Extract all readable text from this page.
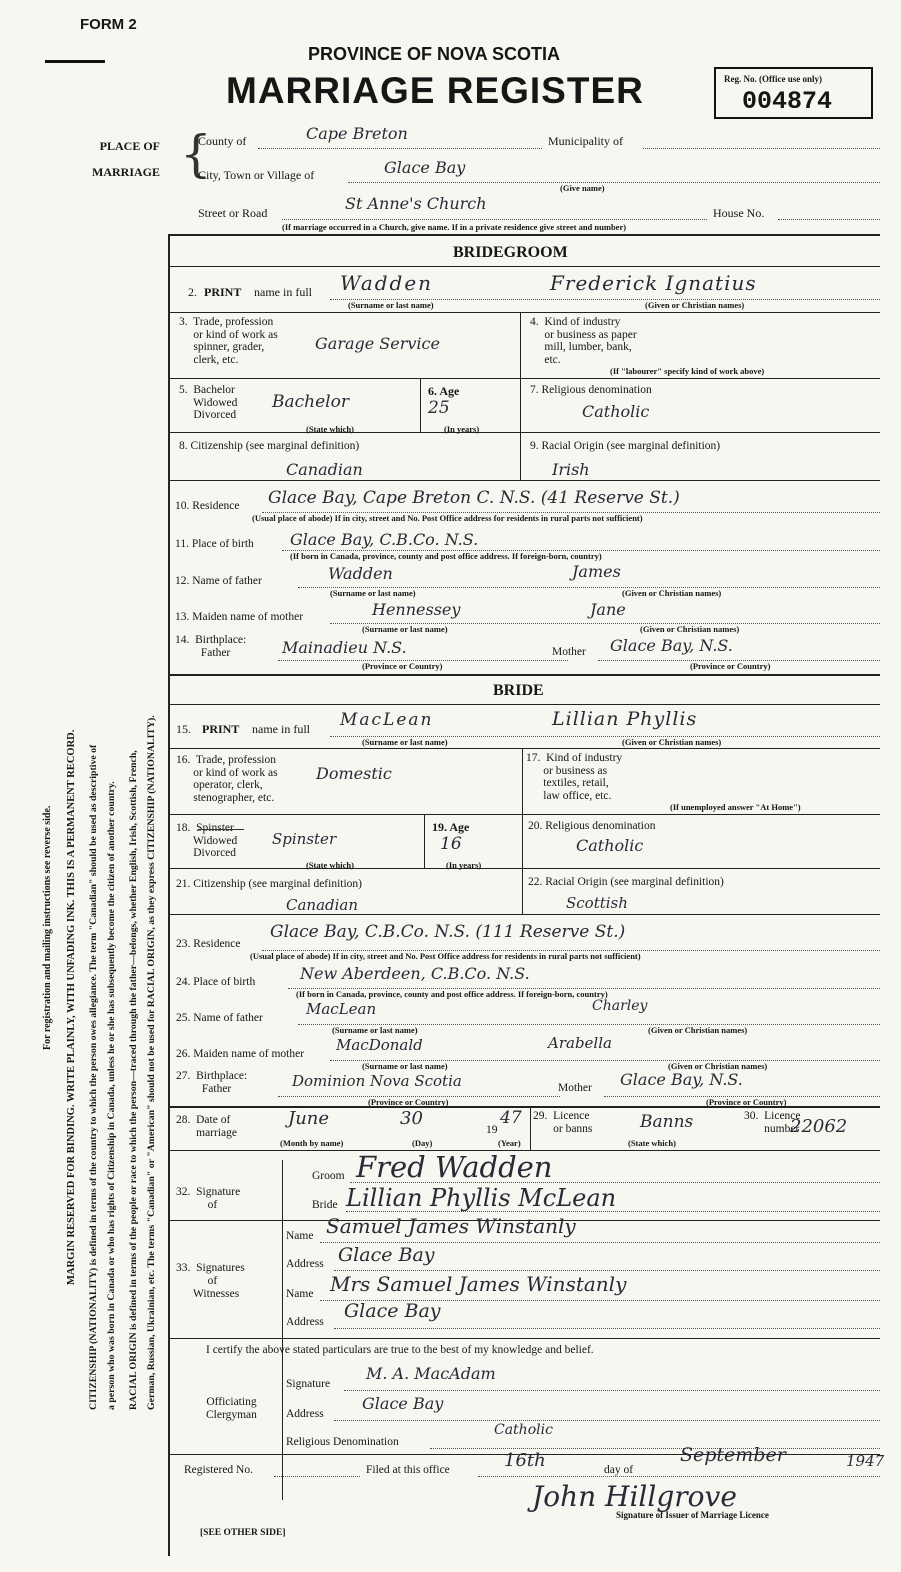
FORM 2
PROVINCE OF NOVA SCOTIA
MARRIAGE REGISTER	Reg. No. (Office use only)
004874
For registration and mailing instructions see reverse side. MARGIN RESERVED FOR BINDING. WRITE PLAINLY, WITH UNFADING INK. THIS IS A PERMANENT RECORD. CITIZENSHIP (NATIONALITY) is defined in terms of the country to which the person owes allegiance. The term "Canadian" should be used as descriptive of a person who was born in Canada or who has rights of Citizenship in Canada, unless he or she has subsequently become the citizen of another country. RACIAL ORIGIN is defined in terms of the people or race to which the person—traced through the father—belongs, whether English, Irish, Scottish, French, German, Russian, Ukrainian, etc. The terms "Canadian" or "American" should not be used for RACIAL ORIGIN, as they express CITIZENSHIP (NATIONALITY).
PLACE OF
MARRIAGE {
County of	Cape Breton	Municipality of
City, Town or Village of	Glace Bay
(Give name)
Street or Road	St Anne's Church	House No.
(If marriage occurred in a Church, give name. If in a private residence give street and number)
BRIDEGROOM
2. PRINT name in full Wadden	Frederick Ignatius
(Surname or last name)	(Given or Christian names)
3.  Trade, profession
or kind of work as
spinner, grader,
clerk, etc.
Garage Service
4.  Kind of industry
or business as paper
mill, lumber, bank,
etc.
(If "labourer" specify kind of work above)
5.  Bachelor
Widowed
Divorced
Bachelor
(State which)
6. Age
25
(In years)
7. Religious denomination
Catholic
8. Citizenship (see marginal definition)
Canadian
9. Racial Origin (see marginal definition)
Irish
10. Residence Glace Bay, Cape Breton C. N.S. (41 Reserve St.)
(Usual place of abode) If in city, street and No. Post Office address for residents in rural parts not sufficient)
11. Place of birth Glace Bay, C.B.Co. N.S.
(If born in Canada, province, county and post office address. If foreign-born, country)
12. Name of father	Wadden	James
(Surname or last name)	(Given or Christian names)
13. Maiden name of mother	Hennessey	Jane
(Surname or last name)	(Given or Christian names)
14.  Birthplace:
Father	Mainadieu N.S.
(Province or Country)
Mother Glace Bay, N.S.
(Province or Country)
BRIDE
15. PRINT name in full MacLean	Lillian Phyllis
(Surname or last name)	(Given or Christian names)
16.  Trade, profession
or kind of work as
operator, clerk,
stenographer, etc.
Domestic
17.  Kind of industry
or business as
textiles, retail,
law office, etc.
(If unemployed answer "At Home")
18.  Spinster
Widowed
Divorced
Spinster
(State which)
19. Age
16
(In years)
20. Religious denomination
Catholic
21. Citizenship (see marginal definition)
Canadian
22. Racial Origin (see marginal definition)
Scottish
23. Residence
Glace Bay, C.B.Co. N.S. (111 Reserve St.)
(Usual place of abode) If in city, street and No. Post Office address for residents in rural parts not sufficient)
24. Place of birth	New Aberdeen, C.B.Co. N.S.
(If born in Canada, province, county and post office address. If foreign-born, country)
25. Name of father	MacLean	Charley
(Surname or last name)	(Given or Christian names)
26. Maiden name of mother MacDonald	Arabella
(Surname or last name)	(Given or Christian names)
27.  Birthplace:
Father	Dominion Nova Scotia
(Province or Country)
Mother Glace Bay, N.S.
(Province or Country)
28.  Date of
marriage
June	30
19
47
(Month by name)	(Day)	(Year)
29.  Licence
or banns	Banns
(State which)
30.  Licence
number
22062
32.  Signature
of
Groom Fred Wadden
Bride Lillian Phyllis McLean
33.  Signatures
of
Witnesses
Name Samuel James Winstanly
Address Glace Bay
Name Mrs Samuel James Winstanly
Address Glace Bay
I certify the above stated particulars are true to the best of my knowledge and belief.
Officiating
Clergyman
Signature
M. A. MacAdam
Address
Glace Bay
Religious Denomination
Catholic
Registered No.	Filed at this office	16th	day of
September	1947
John Hillgrove
Signature of Issuer of Marriage Licence
[SEE OTHER SIDE]
